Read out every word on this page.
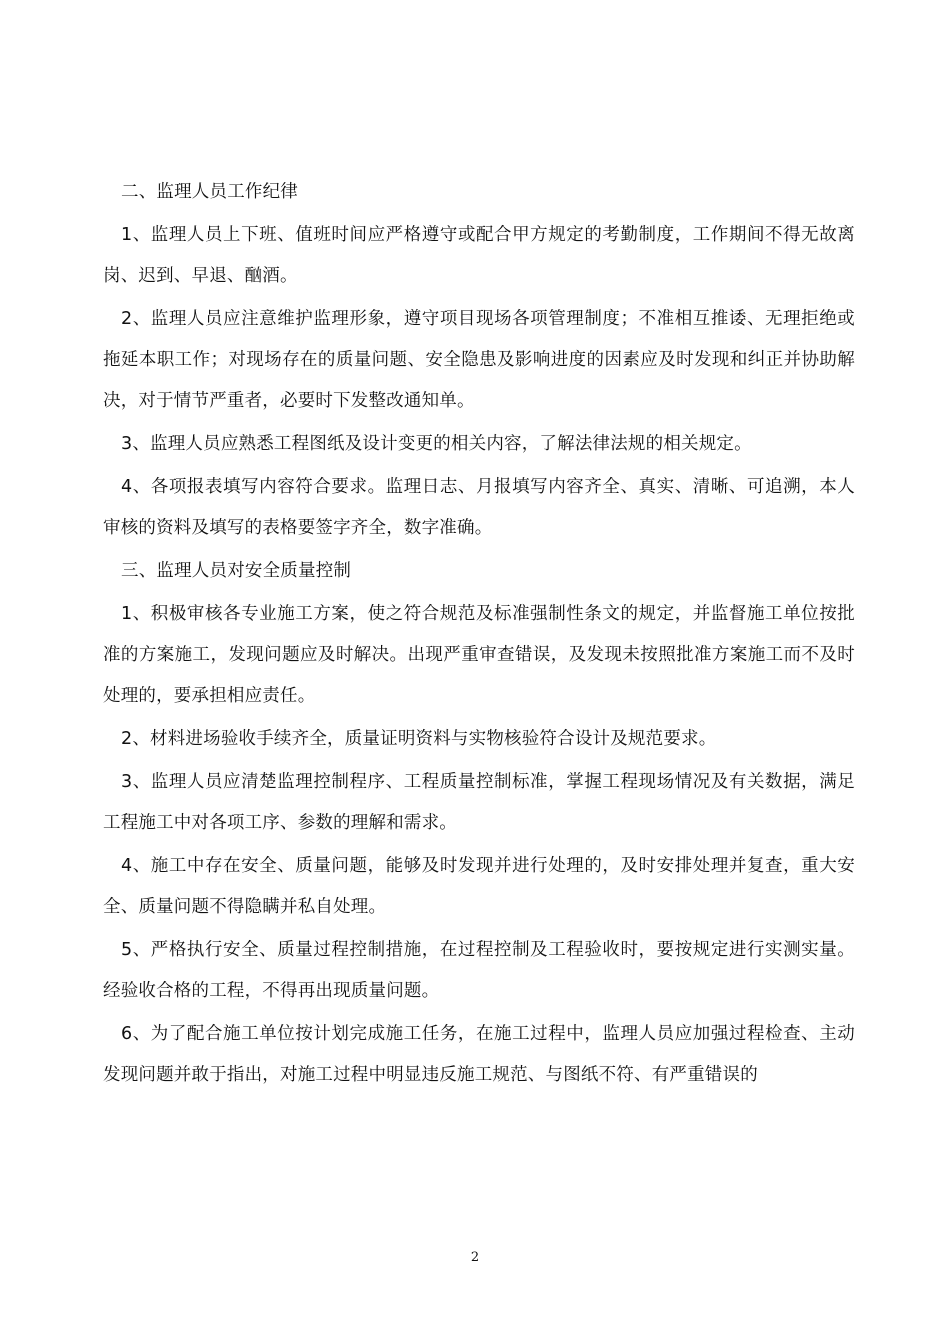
二、监理人员工作纪律

1、监理人员上下班、值班时间应严格遵守或配合甲方规定的考勤制度，工作期间不得无故离岗、迟到、早退、酗酒。

2、监理人员应注意维护监理形象，遵守项目现场各项管理制度；不准相互推诿、无理拒绝或拖延本职工作；对现场存在的质量问题、安全隐患及影响进度的因素应及时发现和纠正并协助解决，对于情节严重者，必要时下发整改通知单。

3、监理人员应熟悉工程图纸及设计变更的相关内容，了解法律法规的相关规定。

4、各项报表填写内容符合要求。监理日志、月报填写内容齐全、真实、清晰、可追溯，本人审核的资料及填写的表格要签字齐全，数字准确。

三、监理人员对安全质量控制

1、积极审核各专业施工方案，使之符合规范及标准强制性条文的规定，并监督施工单位按批准的方案施工，发现问题应及时解决。出现严重审查错误，及发现未按照批准方案施工而不及时处理的，要承担相应责任。

2、材料进场验收手续齐全，质量证明资料与实物核验符合设计及规范要求。

3、监理人员应清楚监理控制程序、工程质量控制标准，掌握工程现场情况及有关数据，满足工程施工中对各项工序、参数的理解和需求。

4、施工中存在安全、质量问题，能够及时发现并进行处理的，及时安排处理并复查，重大安全、质量问题不得隐瞒并私自处理。

5、严格执行安全、质量过程控制措施，在过程控制及工程验收时，要按规定进行实测实量。经验收合格的工程，不得再出现质量问题。

6、为了配合施工单位按计划完成施工任务，在施工过程中，监理人员应加强过程检查、主动发现问题并敢于指出，对施工过程中明显违反施工规范、与图纸不符、有严重错误的

2
